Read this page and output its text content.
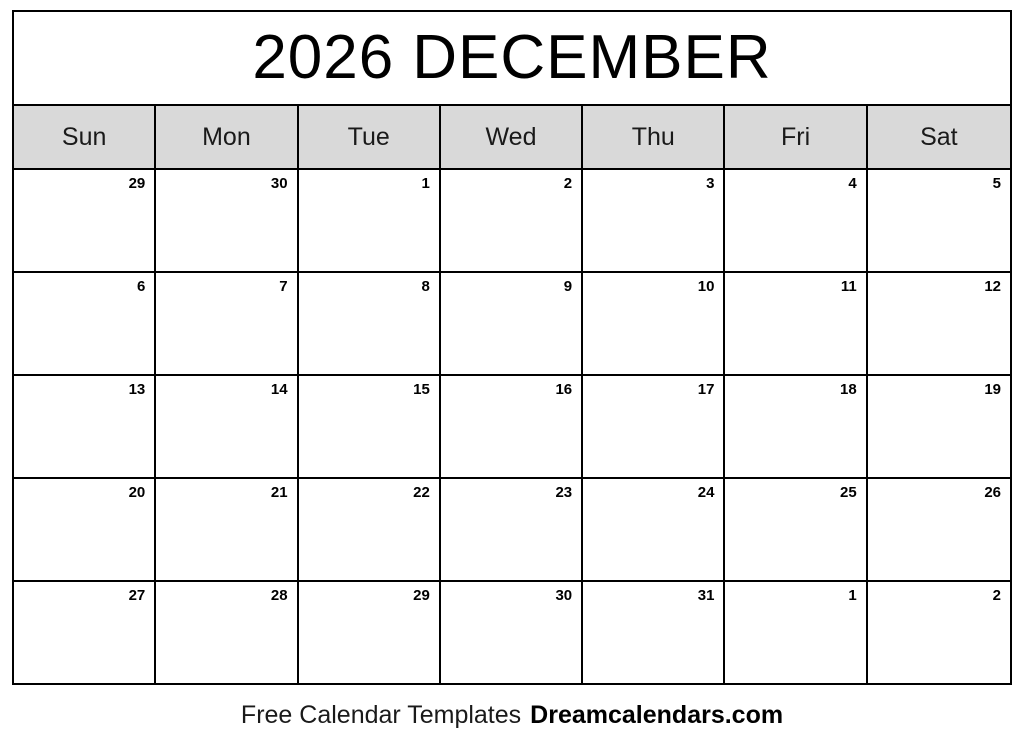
2026 DECEMBER
Sun	Mon	Tue	Wed	Thu	Fri	Sat
29	30	1	2	3	4	5
6	7	8	9	10	11	12
13	14	15	16	17	18	19
20	21	22	23	24	25	26
27	28	29	30	31	1	2
Free Calendar Templates Dreamcalendars.com
